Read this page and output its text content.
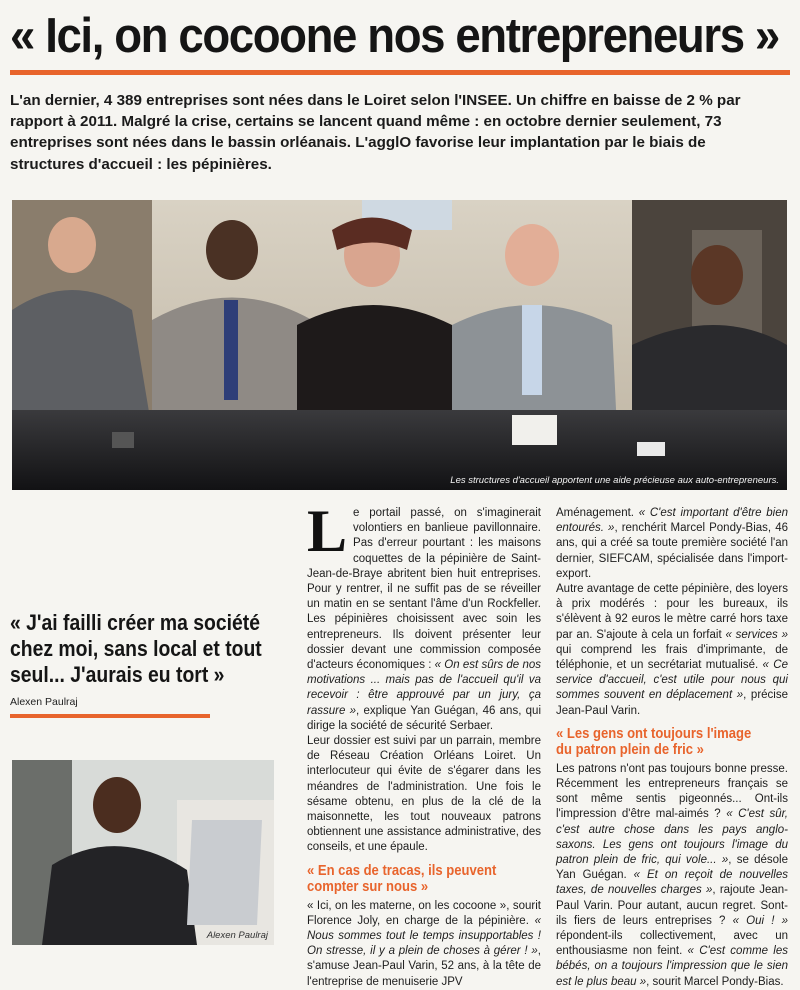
« Ici, on cocoone nos entrepreneurs »
L'an dernier, 4 389 entreprises sont nées dans le Loiret selon l'INSEE. Un chiffre en baisse de 2 % par rapport à 2011. Malgré la crise, certains se lancent quand même : en octobre dernier seulement, 73 entreprises sont nées dans le bassin orléanais. L'agglO favorise leur implantation par le biais de structures d'accueil : les pépinières.
Les structures d'accueil apportent une aide précieuse aux auto-entrepreneurs.
« J'ai failli créer ma société chez moi, sans local et tout seul... J'aurais eu tort »
Alexen Paulraj
Alexen Paulraj

Le portail passé, on s'imaginerait volontiers en banlieue pavillonnaire. Pas d'erreur pourtant : les maisons coquettes de la pépinière de Saint-Jean-de-Braye abritent bien huit entreprises. Pour y rentrer, il ne suffit pas de se réveiller un matin en se sentant l'âme d'un Rockfeller. Les pépinières choisissent avec soin les entrepreneurs. Ils doivent présenter leur dossier devant une commission composée d'acteurs économiques : « On est sûrs de nos motivations ... mais pas de l'accueil qu'il va recevoir : être approuvé par un jury, ça rassure », explique Yan Guégan, 46 ans, qui dirige la société de sécurité Serbaer.

Leur dossier est suivi par un parrain, membre de Réseau Création Orléans Loiret. Un interlocuteur qui évite de s'égarer dans les méandres de l'administration. Une fois le sésame obtenu, en plus de la clé de la maisonnette, les tout nouveaux patrons obtiennent une assistance administrative, des conseils, et une épaule.

« En cas de tracas, ils peuvent compter sur nous »

« Ici, on les materne, on les cocoone », sourit Florence Joly, en charge de la pépinière. « Nous sommes tout le temps insupportables ! On stresse, il y a plein de choses à gérer ! », s'amuse Jean-Paul Varin, 52 ans, à la tête de l'entreprise de menuiserie JPV

Aménagement. « C'est important d'être bien entourés. », renchérit Marcel Pondy-Bias, 46 ans, qui a créé sa toute première société l'an dernier, SIEFCAM, spécialisée dans l'import-export.

Autre avantage de cette pépinière, des loyers à prix modérés : pour les bureaux, ils s'élèvent à 92 euros le mètre carré hors taxe par an. S'ajoute à cela un forfait « services » qui comprend les frais d'imprimante, de téléphonie, et un secrétariat mutualisé. « Ce service d'accueil, c'est utile pour nous qui sommes souvent en déplacement », précise Jean-Paul Varin.

« Les gens ont toujours l'image du patron plein de fric »

Les patrons n'ont pas toujours bonne presse. Récemment les entrepreneurs français se sont même sentis pigeonnés... Ont-ils l'impression d'être mal-aimés ? « C'est sûr, c'est autre chose dans les pays anglo-saxons. Les gens ont toujours l'image du patron plein de fric, qui vole... », se désole Yan Guégan. « Et on reçoit de nouvelles taxes, de nouvelles charges », rajoute Jean-Paul Varin. Pour autant, aucun regret. Sont-ils fiers de leurs entreprises ? « Oui ! » répondent-ils collectivement, avec un enthousiasme non feint. « C'est comme les bébés, on a toujours l'impression que le sien est le plus beau », sourit Marcel Pondy-Bias.
